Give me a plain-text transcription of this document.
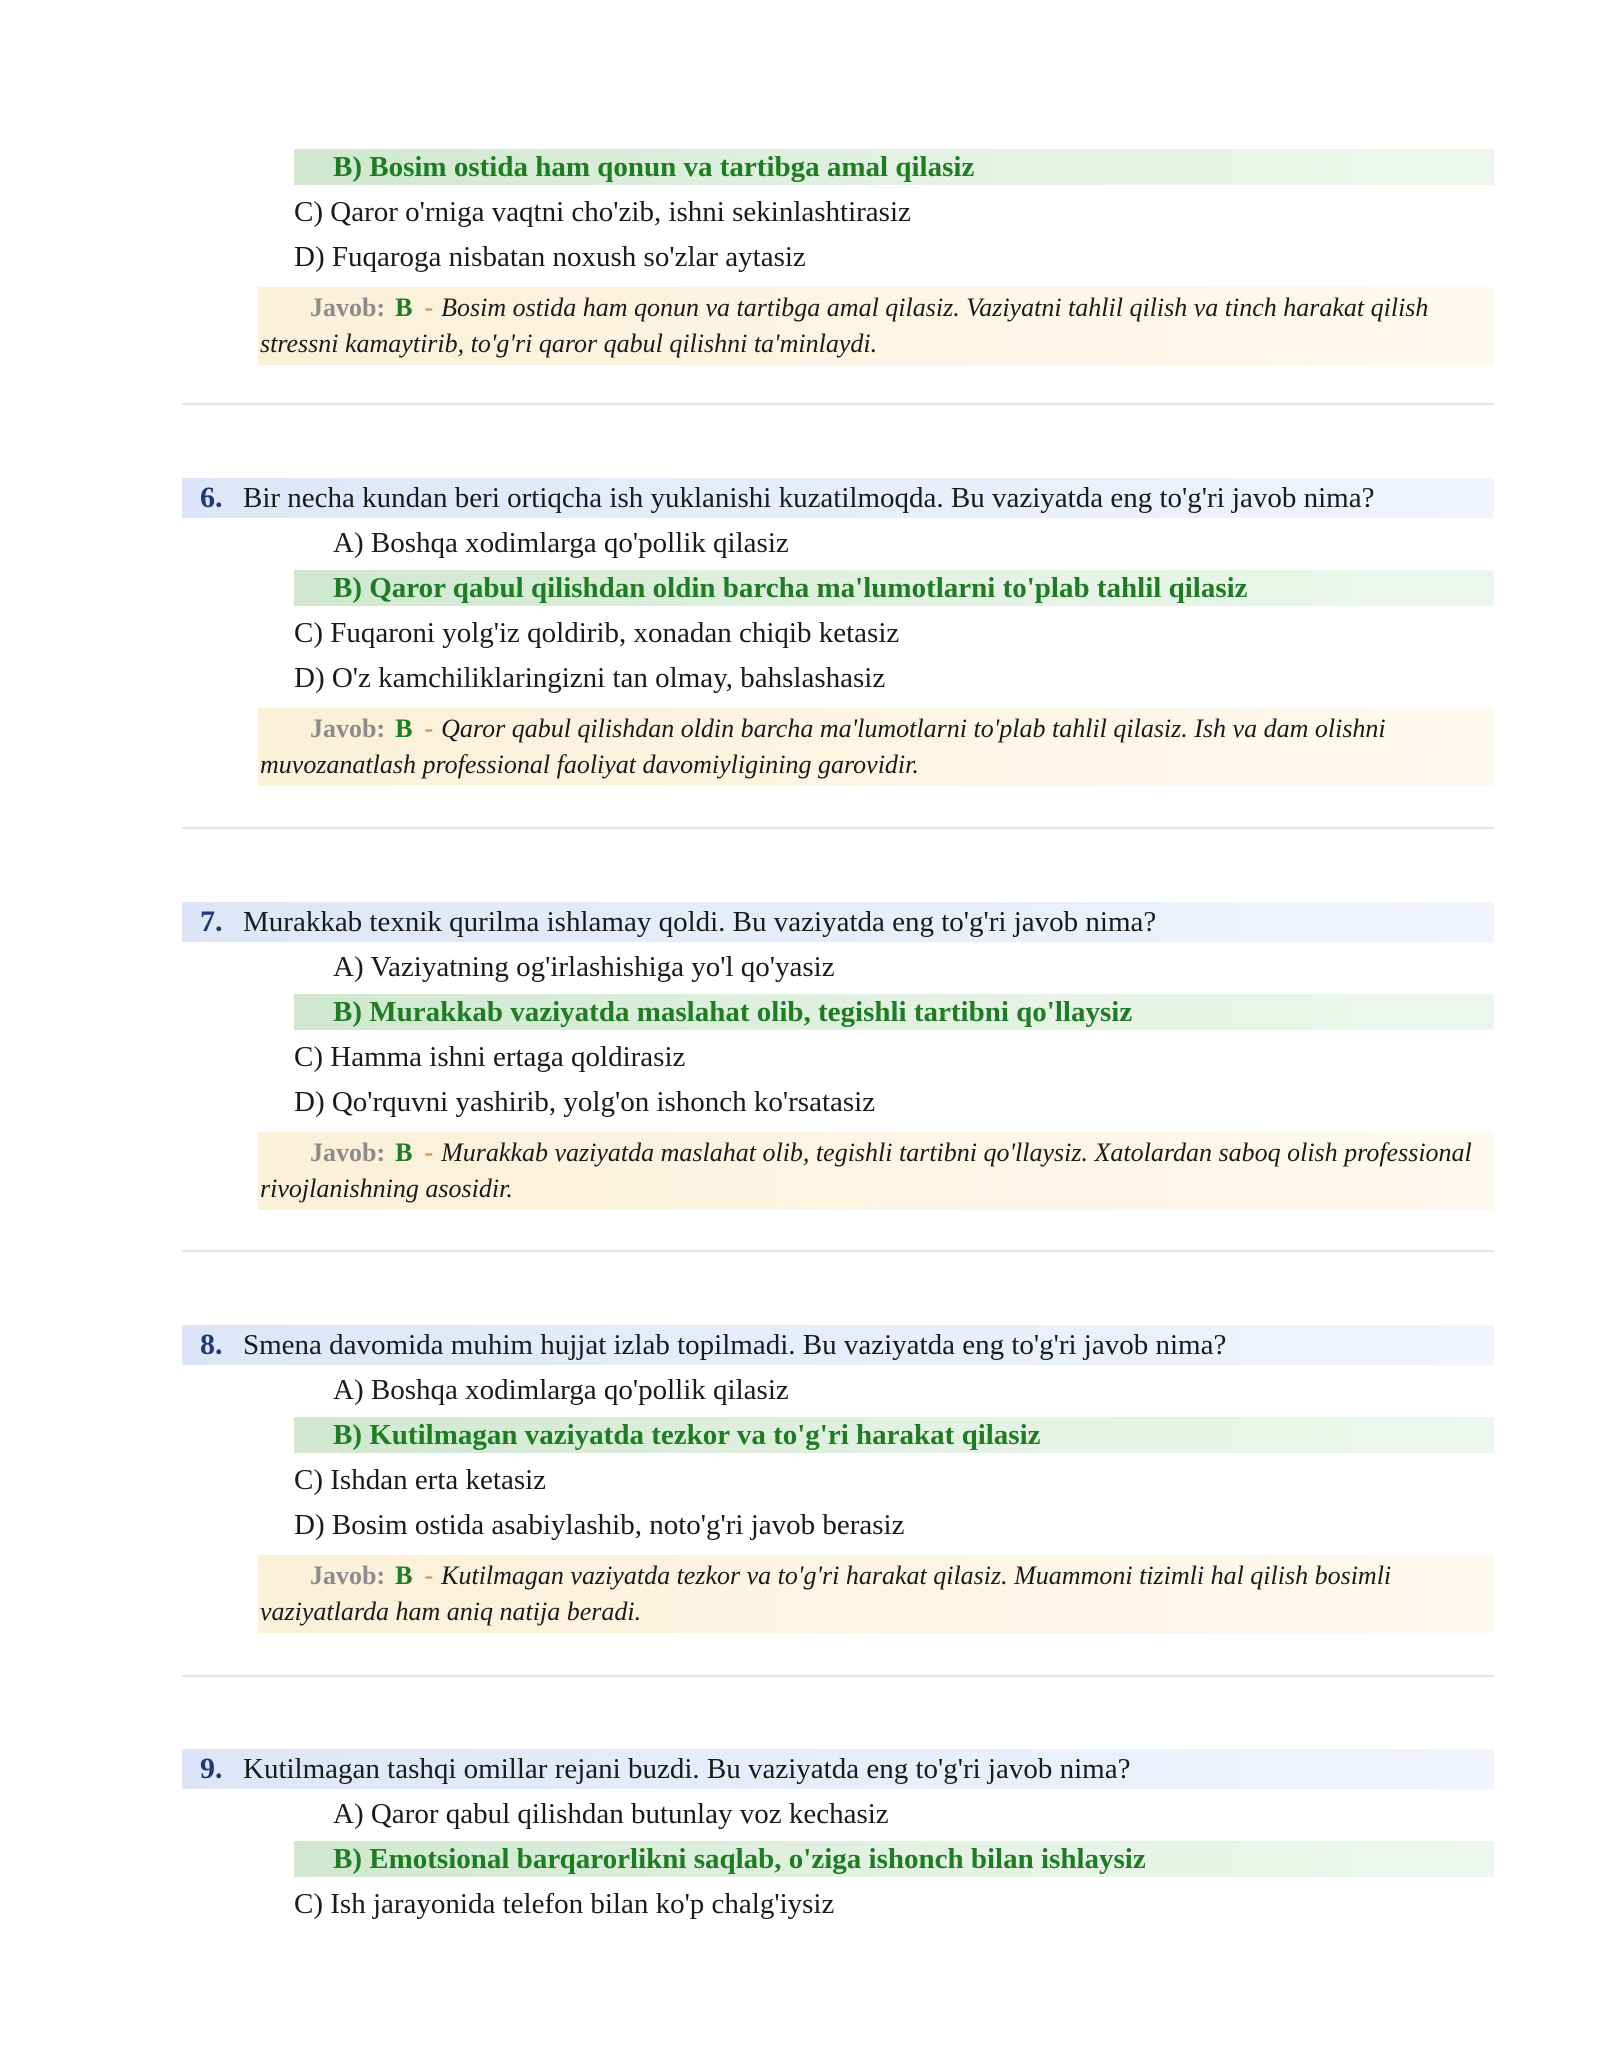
B) Bosim ostida ham qonun va tartibga amal qilasiz
C) Qaror o'rniga vaqtni cho'zib, ishni sekinlashtirasiz
D) Fuqaroga nisbatan noxush so'zlar aytasiz
Javob: B - Bosim ostida ham qonun va tartibga amal qilasiz. Vaziyatni tahlil qilish va tinch harakat qilish stressni kamaytirib, to'g'ri qaror qabul qilishni ta'minlaydi.
6. Bir necha kundan beri ortiqcha ish yuklanishi kuzatilmoqda. Bu vaziyatda eng to'g'ri javob nima?
A) Boshqa xodimlarga qo'pollik qilasiz
B) Qaror qabul qilishdan oldin barcha ma'lumotlarni to'plab tahlil qilasiz
C) Fuqaroni yolg'iz qoldirib, xonadan chiqib ketasiz
D) O'z kamchiliklaringizni tan olmay, bahslashasiz
Javob: B - Qaror qabul qilishdan oldin barcha ma'lumotlarni to'plab tahlil qilasiz. Ish va dam olishni muvozanatlash professional faoliyat davomiyligining garovidir.
7. Murakkab texnik qurilma ishlamay qoldi. Bu vaziyatda eng to'g'ri javob nima?
A) Vaziyatning og'irlashishiga yo'l qo'yasiz
B) Murakkab vaziyatda maslahat olib, tegishli tartibni qo'llaysiz
C) Hamma ishni ertaga qoldirasiz
D) Qo'rquvni yashirib, yolg'on ishonch ko'rsatasiz
Javob: B - Murakkab vaziyatda maslahat olib, tegishli tartibni qo'llaysiz. Xatolardan saboq olish professional rivojlanishning asosidir.
8. Smena davomida muhim hujjat izlab topilmadi. Bu vaziyatda eng to'g'ri javob nima?
A) Boshqa xodimlarga qo'pollik qilasiz
B) Kutilmagan vaziyatda tezkor va to'g'ri harakat qilasiz
C) Ishdan erta ketasiz
D) Bosim ostida asabiylashib, noto'g'ri javob berasiz
Javob: B - Kutilmagan vaziyatda tezkor va to'g'ri harakat qilasiz. Muammoni tizimli hal qilish bosimli vaziyatlarda ham aniq natija beradi.
9. Kutilmagan tashqi omillar rejani buzdi. Bu vaziyatda eng to'g'ri javob nima?
A) Qaror qabul qilishdan butunlay voz kechasiz
B) Emotsional barqarorlikni saqlab, o'ziga ishonch bilan ishlaysiz
C) Ish jarayonida telefon bilan ko'p chalg'iysiz
